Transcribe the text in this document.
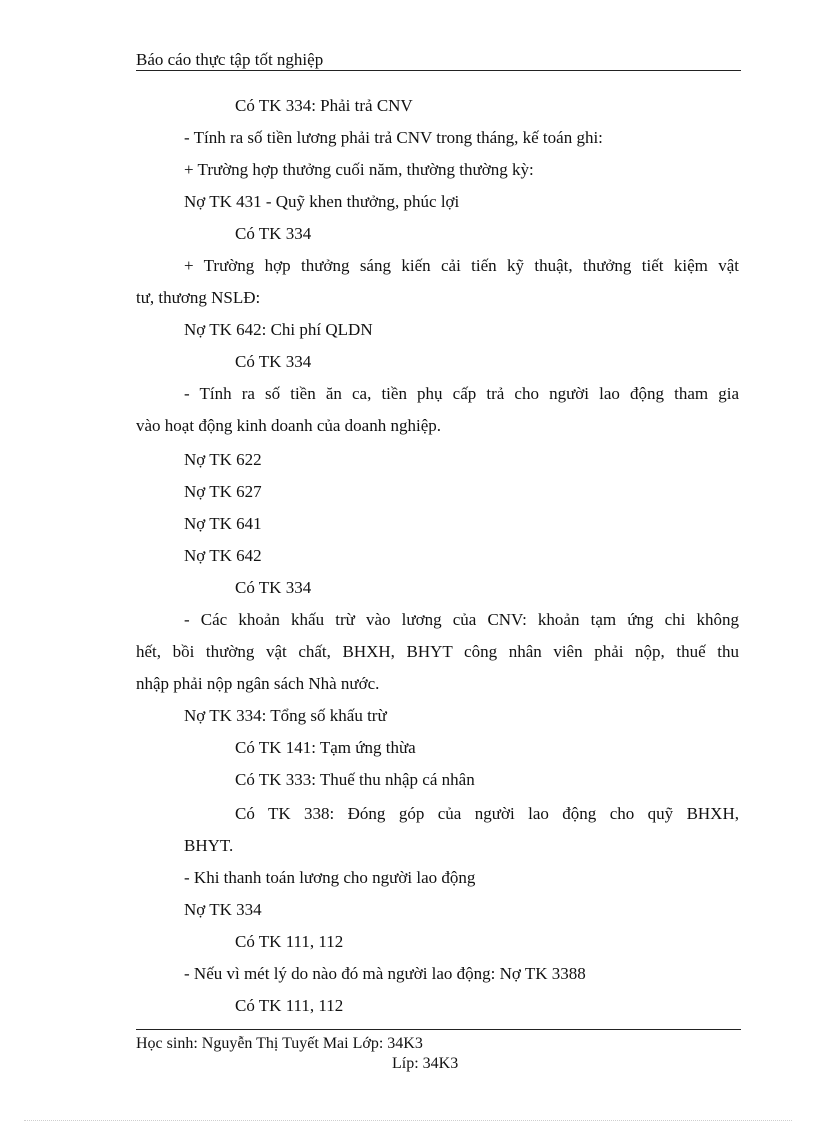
Báo cáo thực tập tốt nghiệp
Có TK 334: Phải trả CNV
- Tính ra số tiền lương phải trả CNV trong tháng, kế toán ghi:
+ Trường hợp thưởng cuối năm, thường thường kỳ:
Nợ TK 431 - Quỹ khen thưởng, phúc lợi
Có TK 334
+ Trường hợp thưởng sáng kiến cải tiến kỹ thuật, thưởng tiết kiệm vật
tư, thương NSLĐ:
Nợ TK 642: Chi phí QLDN
Có TK 334
- Tính ra số tiền ăn ca, tiền phụ cấp trả cho người lao động tham gia
vào hoạt động kinh doanh của doanh nghiệp.
Nợ TK 622
Nợ TK 627
Nợ TK 641
Nợ TK 642
Có TK 334
- Các khoản khấu trừ vào lương của CNV: khoản tạm ứng chi không
hết, bồi thường vật chất, BHXH, BHYT công nhân viên phải nộp, thuế thu
nhập phải nộp ngân sách Nhà nước.
Nợ TK 334: Tổng số khấu trừ
Có TK 141: Tạm ứng thừa
Có TK 333: Thuế thu nhập cá nhân
Có TK 338: Đóng góp của người lao động cho quỹ BHXH,
BHYT.
- Khi thanh toán lương cho người lao động
Nợ TK 334
Có TK 111, 112
- Nếu vì mét lý do nào đó mà người lao động: Nợ TK 3388
Có TK 111, 112
Học sinh: Nguyễn Thị Tuyết Mai Lớp: 34K3
Líp: 34K3
